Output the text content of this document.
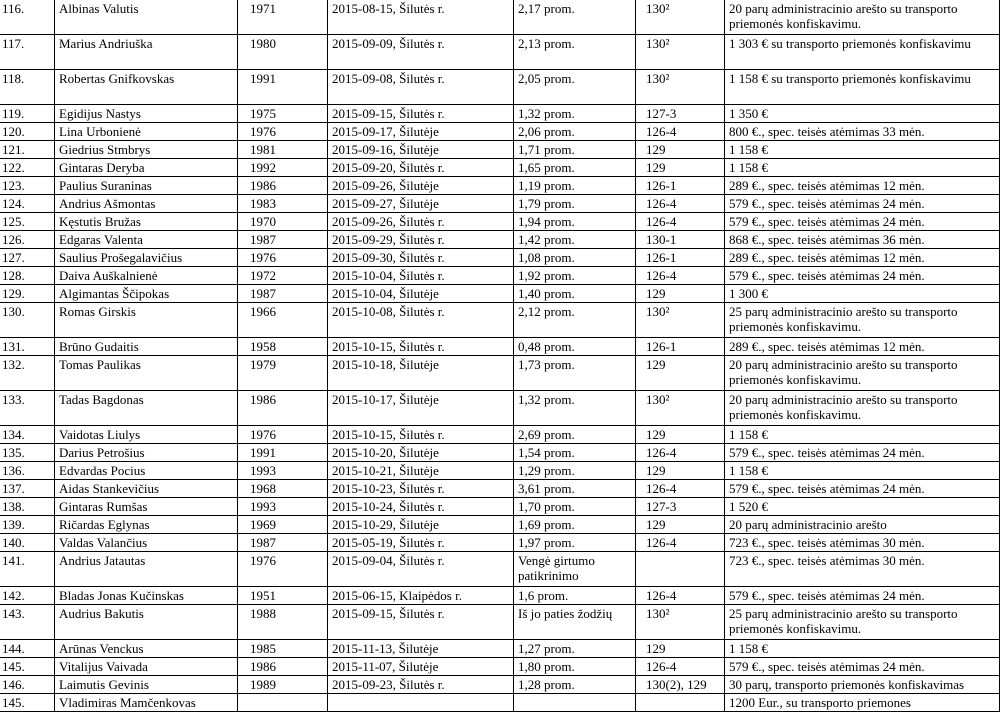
116.	Albinas Valutis	1971	2015-08-15, Šilutės r.	2,17 prom.	130²	20 parų administracinio arešto su transporto priemonės konfiskavimu.
117.	Marius Andriuška	1980	2015-09-09, Šilutės r.	2,13 prom.	130²	1 303 € su transporto priemonės konfiskavimu
118.	Robertas Gnifkovskas	1991	2015-09-08, Šilutės r.	2,05 prom.	130²	1 158 € su transporto priemonės konfiskavimu
119.	Egidijus Nastys	1975	2015-09-15, Šilutės r.	1,32 prom.	127-3	1 350 €
120.	Lina Urbonienė	1976	2015-09-17, Šilutėje	2,06 prom.	126-4	800 €., spec. teisės atėmimas 33 mėn.
121.	Giedrius Stmbrys	1981	2015-09-16, Šilutėje	1,71 prom.	129	1 158 €
122.	Gintaras Deryba	1992	2015-09-20, Šilutės r.	1,65 prom.	129	1 158 €
123.	Paulius Suraninas	1986	2015-09-26, Šilutėje	1,19 prom.	126-1	289 €., spec. teisės atėmimas 12 mėn.
124.	Andrius Ašmontas	1983	2015-09-27, Šilutėje	1,79 prom.	126-4	579 €., spec. teisės atėmimas 24 mėn.
125.	Kęstutis Bružas	1970	2015-09-26, Šilutės r.	1,94 prom.	126-4	579 €., spec. teisės atėmimas 24 mėn.
126.	Edgaras Valenta	1987	2015-09-29, Šilutės r.	1,42 prom.	130-1	868 €., spec. teisės atėmimas 36 mėn.
127.	Saulius Prošegalavičius	1976	2015-09-30, Šilutės r.	1,08 prom.	126-1	289 €., spec. teisės atėmimas 12 mėn.
128.	Daiva Auškalnienė	1972	2015-10-04, Šilutės r.	1,92 prom.	126-4	579 €., spec. teisės atėmimas 24 mėn.
129.	Algimantas Ščipokas	1987	2015-10-04, Šilutėje	1,40 prom.	129	1 300 €
130.	Romas Girskis	1966	2015-10-08, Šilutės r.	2,12 prom.	130²	25 parų administracinio arešto su transporto priemonės konfiskavimu.
131.	Brūno Gudaitis	1958	2015-10-15, Šilutės r.	0,48 prom.	126-1	289 €., spec. teisės atėmimas 12 mėn.
132.	Tomas Paulikas	1979	2015-10-18, Šilutėje	1,73 prom.	129	20 parų administracinio arešto su transporto priemonės konfiskavimu.
133.	Tadas Bagdonas	1986	2015-10-17, Šilutėje	1,32 prom.	130²	20 parų administracinio arešto su transporto priemonės konfiskavimu.
134.	Vaidotas Liulys	1976	2015-10-15, Šilutės r.	2,69 prom.	129	1 158 €
135.	Darius Petrošius	1991	2015-10-20, Šilutėje	1,54 prom.	126-4	579 €., spec. teisės atėmimas 24 mėn.
136.	Edvardas Pocius	1993	2015-10-21, Šilutėje	1,29 prom.	129	1 158 €
137.	Aidas Stankevičius	1968	2015-10-23, Šilutės r.	3,61 prom.	126-4	579 €., spec. teisės atėmimas 24 mėn.
138.	Gintaras Rumšas	1993	2015-10-24, Šilutės r.	1,70 prom.	127-3	1 520 €
139.	Ričardas Eglynas	1969	2015-10-29, Šilutėje	1,69 prom.	129	20 parų administracinio arešto
140.	Valdas Valančius	1987	2015-05-19, Šilutės r.	1,97 prom.	126-4	723 €., spec. teisės atėmimas 30 mėn.
141.	Andrius Jatautas	1976	2015-09-04, Šilutės r.	Vengė girtumo patikrinimo		723 €., spec. teisės atėmimas 30 mėn.
142.	Bladas Jonas Kučinskas	1951	2015-06-15, Klaipėdos r.	1,6 prom.	126-4	579 €., spec. teisės atėmimas 24 mėn.
143.	Audrius Bakutis	1988	2015-09-15, Šilutės r.	Iš jo paties žodžių	130²	25 parų administracinio arešto su transporto priemonės konfiskavimu.
144.	Arūnas Venckus	1985	2015-11-13, Šilutėje	1,27 prom.	129	1 158 €
145.	Vitalijus Vaivada	1986	2015-11-07, Šilutėje	1,80 prom.	126-4	579 €., spec. teisės atėmimas 24 mėn.
146.	Laimutis Gevinis	1989	2015-09-23, Šilutės r.	1,28 prom.	130(2), 129	30 parų, transporto priemonės konfiskavimas
145.	Vladimiras Mamčenkovas					1200 Eur., su transporto priemones
